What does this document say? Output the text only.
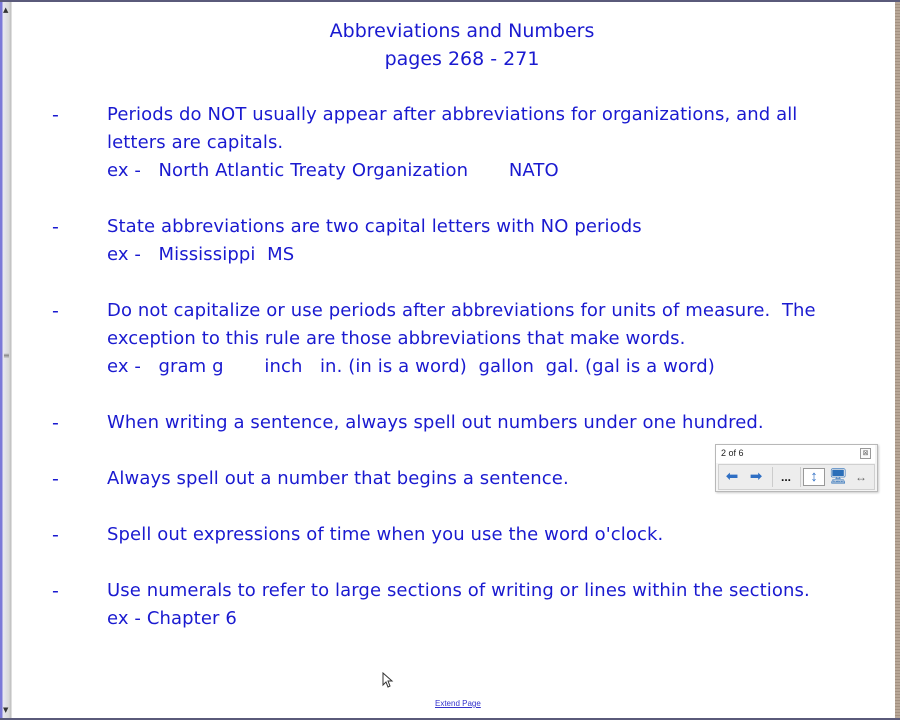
▲
≡
▼
Abbreviations and Numbers
pages 268 - 271
-	Periods do NOT usually appear after abbreviations for organizations, and all
letters are capitals.
ex -   North Atlantic Treaty Organization       NATO
-	State abbreviations are two capital letters with NO periods
ex -   Mississippi  MS
-	Do not capitalize or use periods after abbreviations for units of measure.  The
exception to this rule are those abbreviations that make words.
ex -   gram g       inch   in. (in is a word)  gallon  gal. (gal is a word)
-	When writing a sentence, always spell out numbers under one hundred.
-	Always spell out a number that begins a sentence.
-	Spell out expressions of time when you use the word o'clock.
-	Use numerals to refer to large sections of writing or lines within the sections.
ex - Chapter 6
2 of 6	⊠
⬅ ➡	...	↕ 🖥 ↔
Extend Page
